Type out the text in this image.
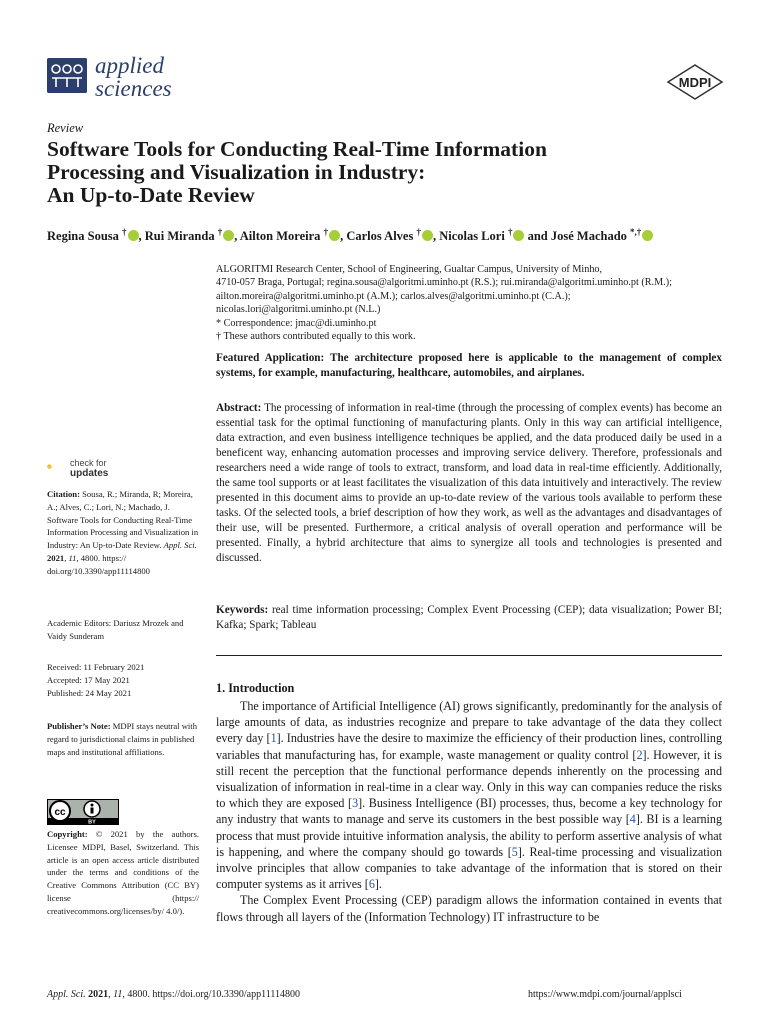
applied
sciences	MDPI
Review
Software Tools for Conducting Real-Time Information
Processing and Visualization in Industry:
An Up-to-Date Review
Regina Sousa † , Rui Miranda † , Ailton Moreira † , Carlos Alves † , Nicolas Lori † and José Machado *,†
ALGORITMI Research Center, School of Engineering, Gualtar Campus, University of Minho,
4710-057 Braga, Portugal; regina.sousa@algoritmi.uminho.pt (R.S.); rui.miranda@algoritmi.uminho.pt (R.M.);
ailton.moreira@algoritmi.uminho.pt (A.M.); carlos.alves@algoritmi.uminho.pt (C.A.);
nicolas.lori@algoritmi.uminho.pt (N.L.)
* Correspondence: jmac@di.uminho.pt
† These authors contributed equally to this work.
Featured Application: The architecture proposed here is applicable to the management of complex systems, for example, manufacturing, healthcare, automobiles, and airplanes.
Abstract: The processing of information in real-time (through the processing of complex events) has become an essential task for the optimal functioning of manufacturing plants. Only in this way can artificial intelligence, data extraction, and even business intelligence techniques be applied, and the data produced daily be used in a beneficent way, enhancing automation processes and improving service delivery. Therefore, professionals and researchers need a wide range of tools to extract, transform, and load data in real-time efficiently. Additionally, the same tool supports or at least facilitates the visualization of this data intuitively and interactively. The review presented in this document aims to provide an up-to-date review of the various tools available to perform these tasks. Of the selected tools, a brief description of how they work, as well as the advantages and disadvantages of their use, will be presented. Furthermore, a critical analysis of overall operation and performance will be presented. Finally, a hybrid architecture that aims to synergize all tools and technologies is presented and discussed.
Keywords: real time information processing; Complex Event Processing (CEP); data visualization; Power BI; Kafka; Spark; Tableau
1. Introduction

The importance of Artificial Intelligence (AI) grows significantly, predominantly for the analysis of large amounts of data, as industries recognize and prepare to take advantage of the data they collect every day [1]. Industries have the desire to maximize the efficiency of their production lines, controlling variables that manufacturing has, for example, waste management or quality control [2]. However, it is still recent the perception that the functional performance depends inherently on the processing and visualization of information in real-time in a clear way. Only in this way can companies reduce the risks to which they are exposed [3]. Business Intelligence (BI) processes, thus, become a key technology for any industry that wants to manage and serve its customers in the best possible way [4]. BI is a learning process that must provide intuitive information analysis, the ability to perform assertive analysis of what is happening, and where the company should go towards [5]. Real-time processing and visualization involve principles that allow companies to take advantage of the information that is stored on their computer systems as it arrives [6].

The Complex Event Processing (CEP) paradigm allows the information contained in events that flows through all layers of the (Information Technology) IT infrastructure to be

check for
updates
Citation: Sousa, R.; Miranda, R; Moreira, A.; Alves, C.; Lori, N.; Machado, J. Software Tools for Conducting Real-Time Information Processing and Visualization in Industry: An Up-to-Date Review. Appl. Sci. 2021, 11, 4800. https:// doi.org/10.3390/app11114800
Academic Editors: Dariusz Mrozek and Vaidy Sunderam
Received: 11 February 2021
Accepted: 17 May 2021
Published: 24 May 2021
Publisher’s Note: MDPI stays neutral with regard to jurisdictional claims in published maps and institutional affiliations.
cc
BY
Copyright: © 2021 by the authors. Licensee MDPI, Basel, Switzerland. This article is an open access article distributed under the terms and conditions of the Creative Commons Attribution (CC BY) license (https:// creativecommons.org/licenses/by/ 4.0/).
Appl. Sci. 2021, 11, 4800. https://doi.org/10.3390/app11114800	https://www.mdpi.com/journal/applsci
